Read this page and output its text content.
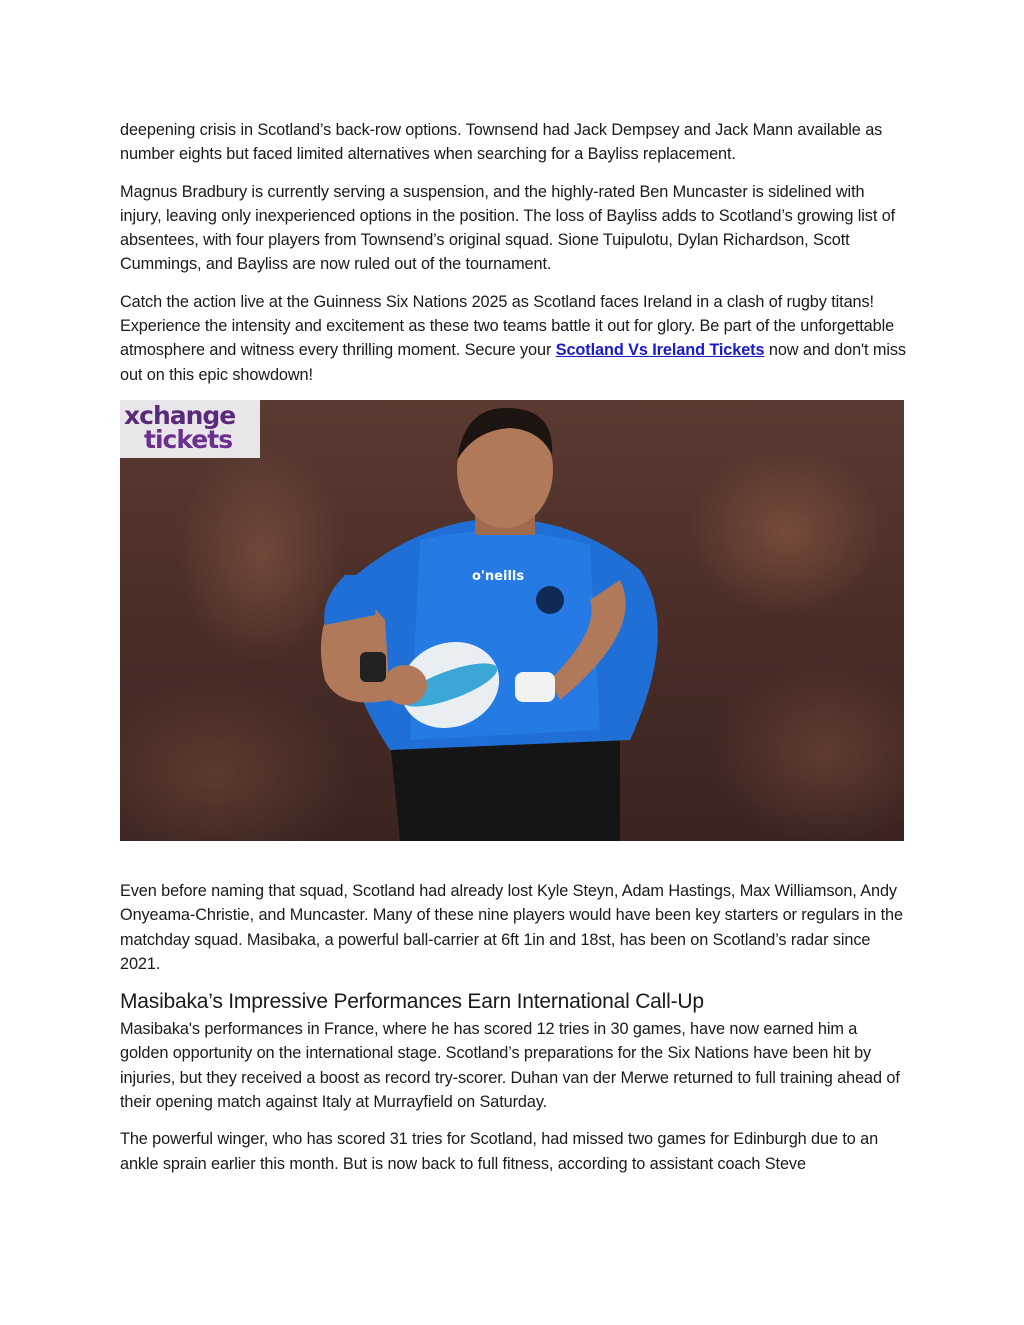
deepening crisis in Scotland’s back-row options. Townsend had Jack Dempsey and Jack Mann available as number eights but faced limited alternatives when searching for a Bayliss replacement.

Magnus Bradbury is currently serving a suspension, and the highly-rated Ben Muncaster is sidelined with injury, leaving only inexperienced options in the position. The loss of Bayliss adds to Scotland’s growing list of absentees, with four players from Townsend’s original squad. Sione Tuipulotu, Dylan Richardson, Scott Cummings, and Bayliss are now ruled out of the tournament.

Catch the action live at the Guinness Six Nations 2025 as Scotland faces Ireland in a clash of rugby titans! Experience the intensity and excitement as these two teams battle it out for glory. Be part of the unforgettable atmosphere and witness every thrilling moment. Secure your Scotland Vs Ireland Tickets now and don't miss out on this epic showdown!

o'neills
xchange
tickets

Even before naming that squad, Scotland had already lost Kyle Steyn, Adam Hastings, Max Williamson, Andy Onyeama-Christie, and Muncaster. Many of these nine players would have been key starters or regulars in the matchday squad. Masibaka, a powerful ball-carrier at 6ft 1in and 18st, has been on Scotland’s radar since 2021.

Masibaka’s Impressive Performances Earn International Call-Up

Masibaka's performances in France, where he has scored 12 tries in 30 games, have now earned him a golden opportunity on the international stage. Scotland’s preparations for the Six Nations have been hit by injuries, but they received a boost as record try-scorer. Duhan van der Merwe returned to full training ahead of their opening match against Italy at Murrayfield on Saturday.

The powerful winger, who has scored 31 tries for Scotland, had missed two games for Edinburgh due to an ankle sprain earlier this month. But is now back to full fitness, according to assistant coach Steve
